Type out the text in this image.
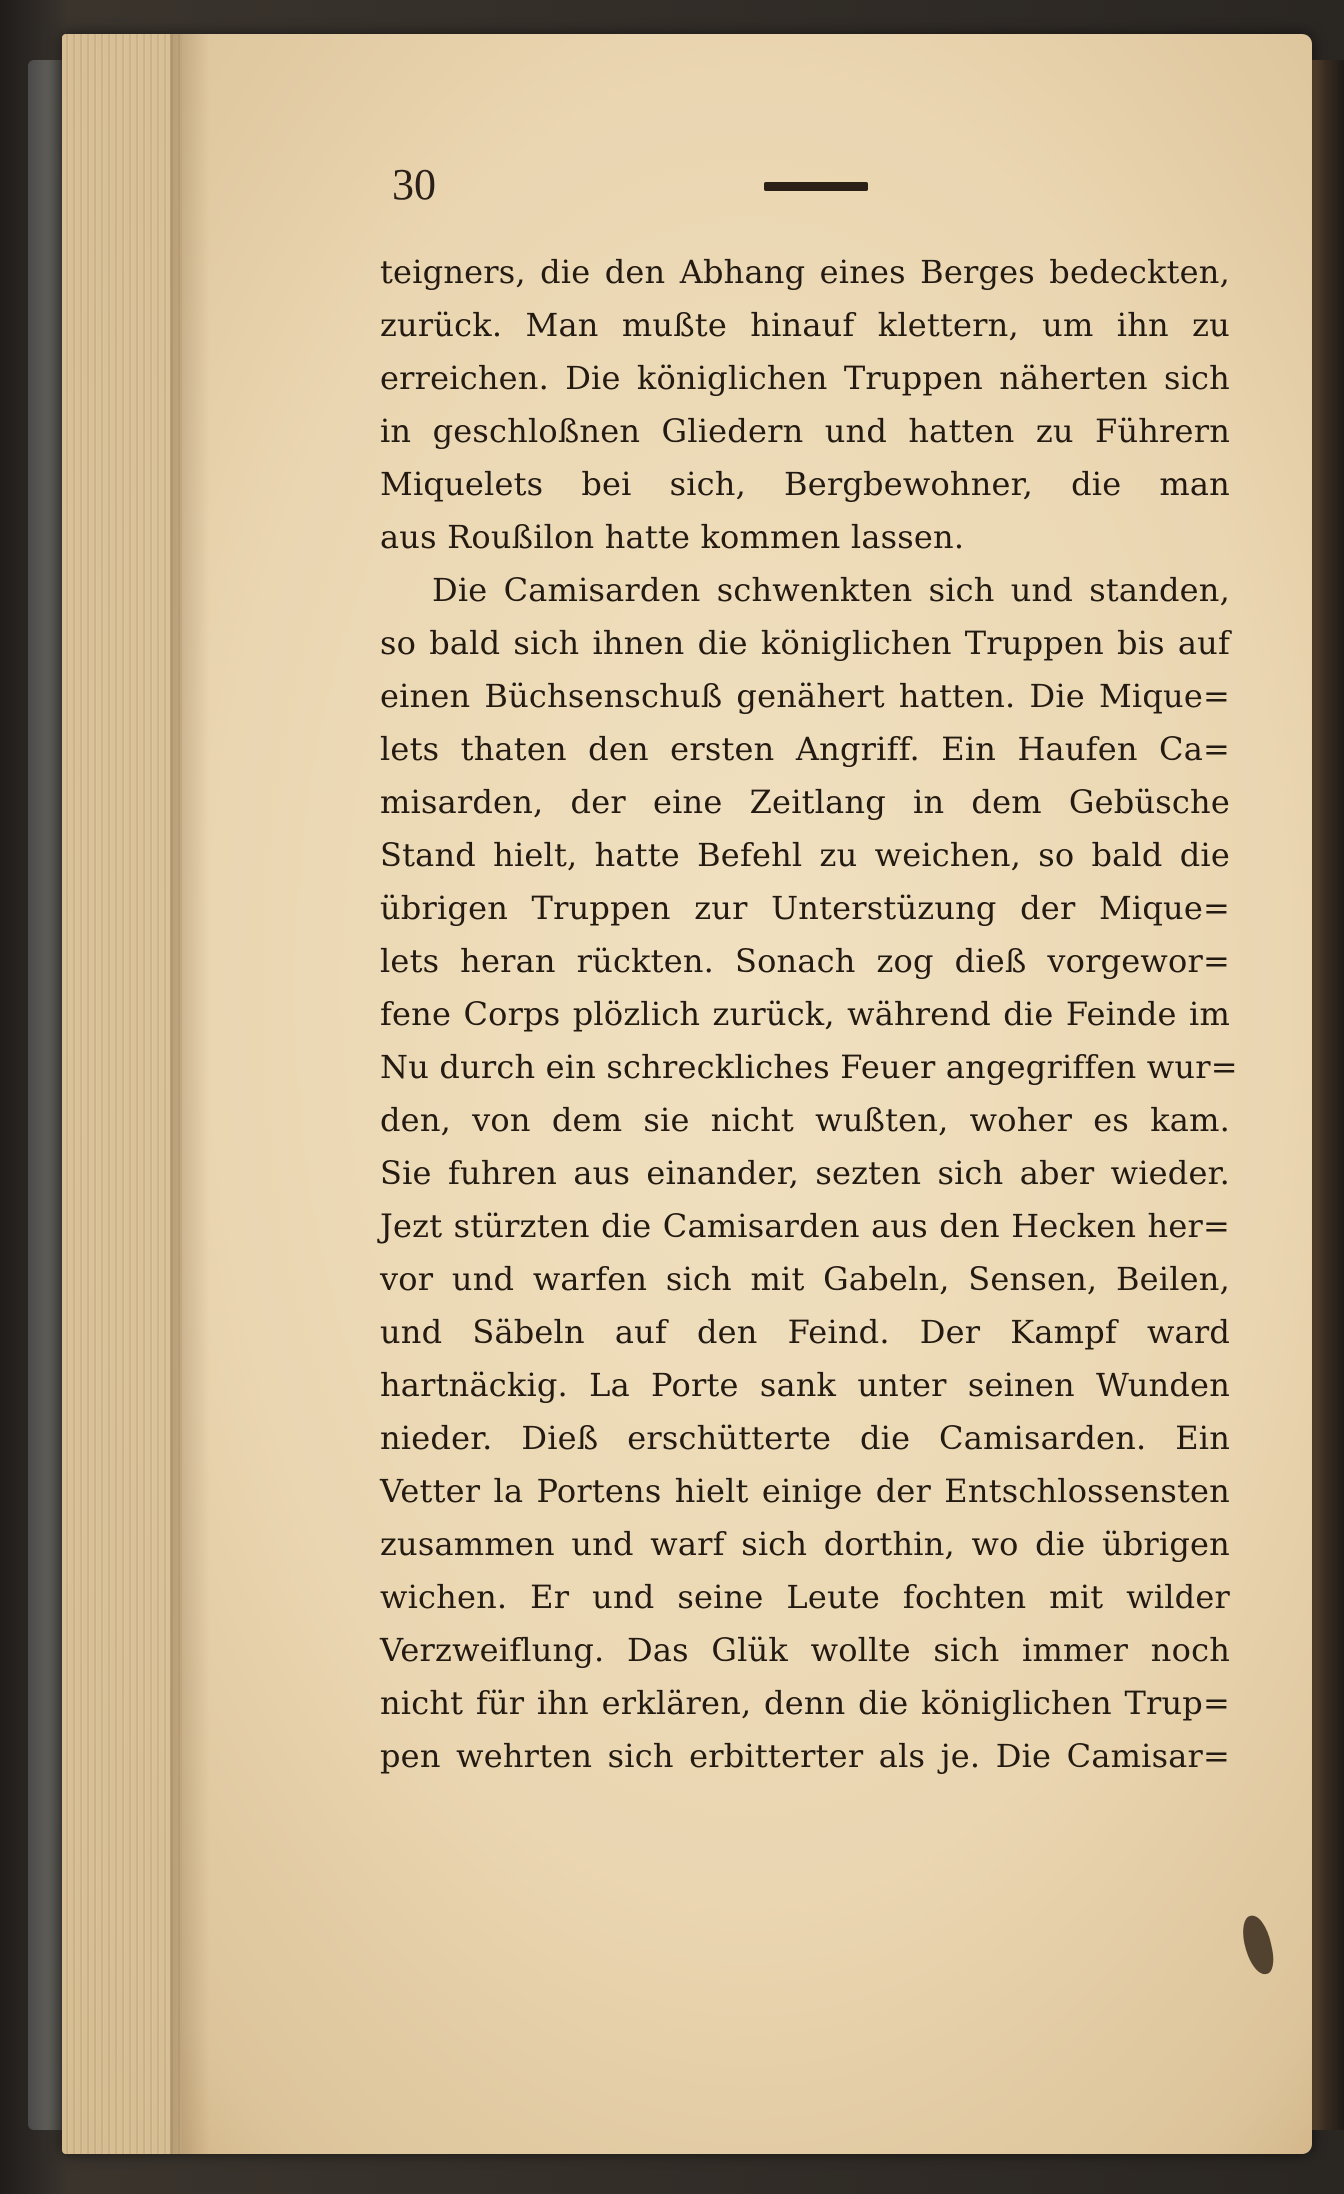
30
teigners, die den Abhang eines Berges bedeckten,
zurück. Man mußte hinauf klettern, um ihn zu
erreichen. Die königlichen Truppen näherten sich
in geschloßnen Gliedern und hatten zu Führern
Miquelets bei sich, Bergbewohner, die man
aus Roußilon hatte kommen lassen.
Die Camisarden schwenkten sich und standen,
so bald sich ihnen die königlichen Truppen bis auf
einen Büchsenschuß genähert hatten. Die Mique=
lets thaten den ersten Angriff. Ein Haufen Ca=
misarden, der eine Zeitlang in dem Gebüsche
Stand hielt, hatte Befehl zu weichen, so bald die
übrigen Truppen zur Unterstüzung der Mique=
lets heran rückten. Sonach zog dieß vorgewor=
fene Corps plözlich zurück, während die Feinde im
Nu durch ein schreckliches Feuer angegriffen wur=
den, von dem sie nicht wußten, woher es kam.
Sie fuhren aus einander, sezten sich aber wieder.
Jezt stürzten die Camisarden aus den Hecken her=
vor und warfen sich mit Gabeln, Sensen, Beilen,
und Säbeln auf den Feind. Der Kampf ward
hartnäckig. La Porte sank unter seinen Wunden
nieder. Dieß erschütterte die Camisarden. Ein
Vetter la Portens hielt einige der Entschlossensten
zusammen und warf sich dorthin, wo die übrigen
wichen. Er und seine Leute fochten mit wilder
Verzweiflung. Das Glük wollte sich immer noch
nicht für ihn erklären, denn die königlichen Trup=
pen wehrten sich erbitterter als je. Die Camisar=
